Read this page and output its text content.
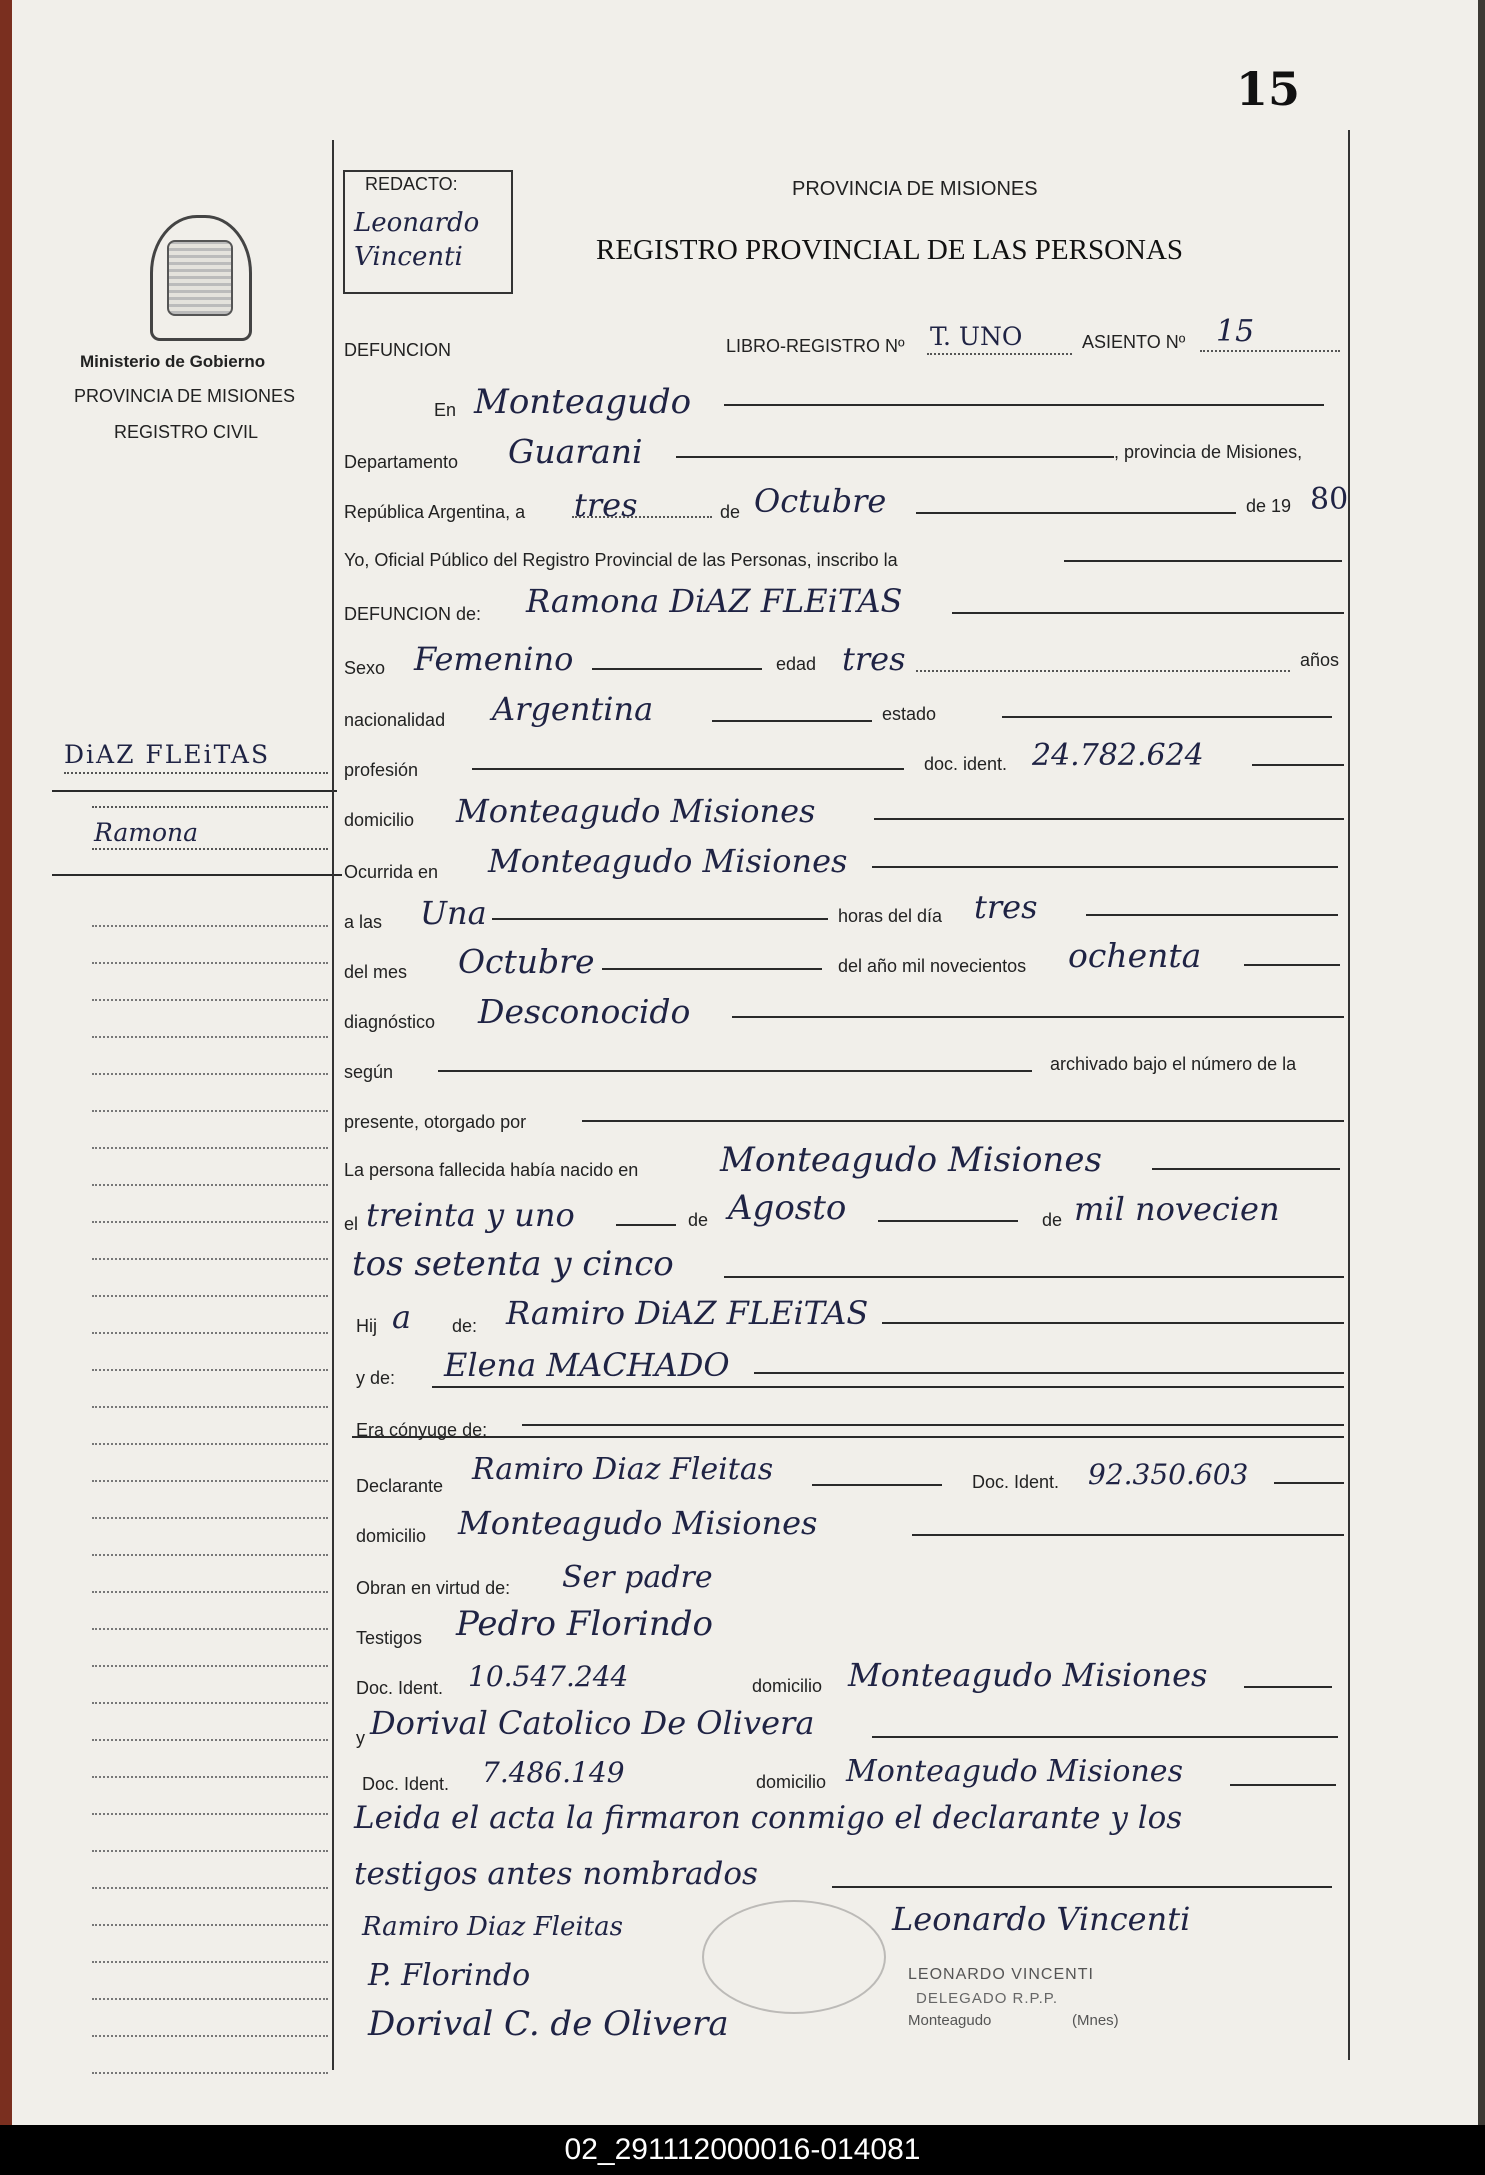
15
Ministerio de Gobierno
PROVINCIA DE MISIONES
REGISTRO CIVIL
DiAZ FLEiTAS
Ramona
REDACTO:
Leonardo Vincenti
PROVINCIA DE MISIONES
REGISTRO PROVINCIAL DE LAS PERSONAS
DEFUNCION	LIBRO-REGISTRO Nº T. UNO	ASIENTO Nº 15
En Monteagudo
Departamento Guarani	, provincia de Misiones,
República Argentina, a tres	de Octubre	de 19 80
Yo, Oficial Público del Registro Provincial de las Personas, inscribo la
DEFUNCION de: Ramona DiAZ FLEiTAS
Sexo Femenino	edad tres	años
nacionalidad Argentina	estado
profesión	doc. ident. 24.782.624
domicilio Monteagudo Misiones
Ocurrida en Monteagudo Misiones
a las Una	horas del día tres
del mes Octubre	del año mil novecientos ochenta
diagnóstico Desconocido
según	archivado bajo el número de la
presente, otorgado por
La persona fallecida había nacido en Monteagudo Misiones
el treinta y uno	de Agosto	de mil novecien
tos setenta y cinco
Hij a de: Ramiro DiAZ FLEiTAS
y de: Elena MACHADO
Era cónyuge de:
Declarante Ramiro Diaz Fleitas	Doc. Ident. 92.350.603
domicilio Monteagudo Misiones
Obran en virtud de: Ser padre
Testigos Pedro Florindo
Doc. Ident. 10.547.244	domicilio Monteagudo Misiones
y Dorival Catolico De Olivera
Doc. Ident. 7.486.149	domicilio Monteagudo Misiones
Leida el acta la firmaron conmigo el declarante y los
testigos antes nombrados
Ramiro Diaz Fleitas	Leonardo Vincenti
P. Florindo
Dorival C. de Olivera
LEONARDO VINCENTI
DELEGADO R.P.P.
Monteagudo	(Mnes)
02_291112000016-014081
